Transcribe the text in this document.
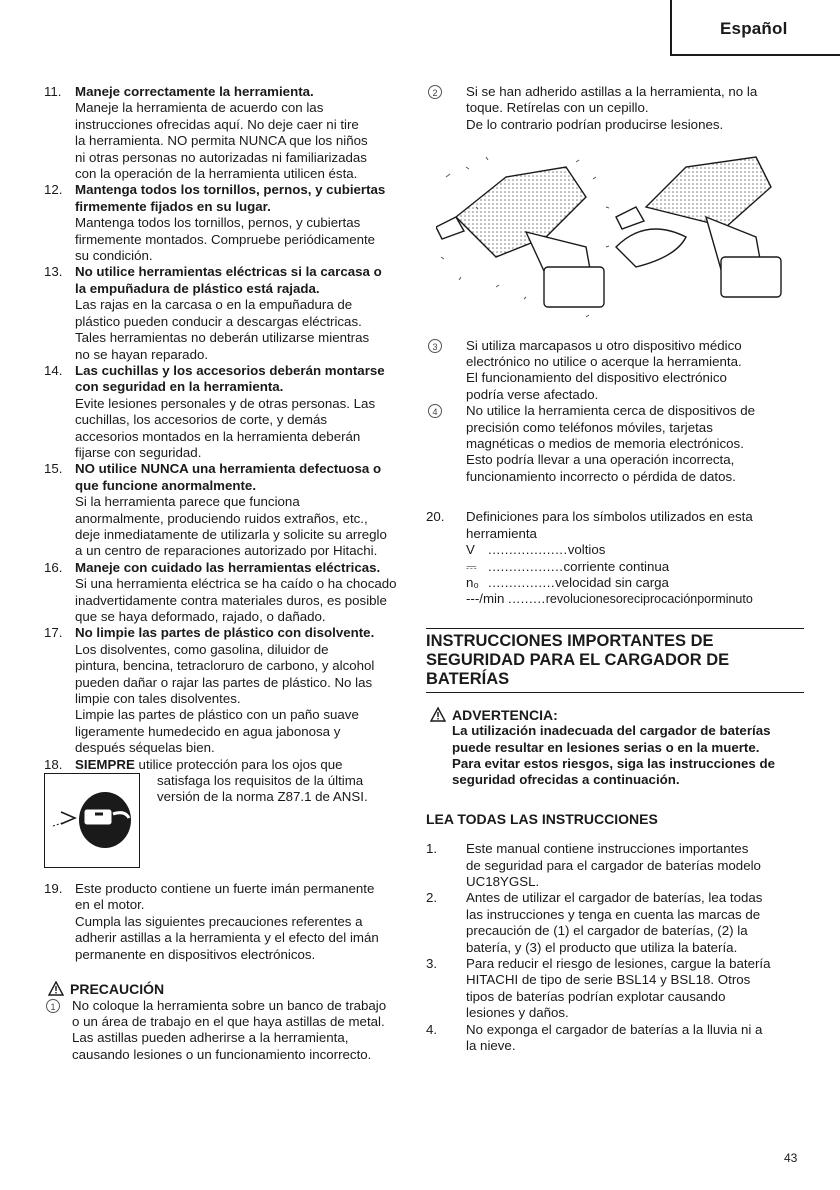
Español
11. Maneje correctamente la herramienta.

Maneje la herramienta de acuerdo con las

instrucciones ofrecidas aquí. No deje caer ni tire

la herramienta. NO permita NUNCA que los niños

ni otras personas no autorizadas ni familiarizadas

con la operación de la herramienta utilicen ésta.

12. Mantenga todos los tornillos, pernos, y cubiertas

firmemente fijados en su lugar.

Mantenga todos los tornillos, pernos, y cubiertas

firmemente montados. Compruebe periódicamente

su condición.

13. No utilice herramientas eléctricas si la carcasa o

la empuñadura de plástico está rajada.

Las rajas en la carcasa o en la empuñadura de

plástico pueden conducir a descargas eléctricas.

Tales herramientas no deberán utilizarse mientras

no se hayan reparado.

14. Las cuchillas y los accesorios deberán montarse

con seguridad en la herramienta.

Evite lesiones personales y de otras personas. Las

cuchillas, los accesorios de corte, y demás

accesorios montados en la herramienta deberán

fijarse con seguridad.

15. NO utilice NUNCA una herramienta defectuosa o

que funcione anormalmente.

Si la herramienta parece que funciona

anormalmente, produciendo ruidos extraños, etc.,

deje inmediatamente de utilizarla y solicite su arreglo

a un centro de reparaciones autorizado por Hitachi.

16. Maneje con cuidado las herramientas eléctricas.

Si una herramienta eléctrica se ha caído o ha chocado

inadvertidamente contra materiales duros, es posible

que se haya deformado, rajado, o dañado.

17. No limpie las partes de plástico con disolvente.

Los disolventes, como gasolina, diluidor de

pintura, bencina, tetracloruro de carbono, y alcohol

pueden dañar o rajar las partes de plástico. No las

limpie con tales disolventes.

Limpie las partes de plástico con un paño suave

ligeramente humedecido en agua jabonosa y

después séquelas bien.

18. SIEMPRE utilice protección para los ojos que

satisfaga los requisitos de la última

versión de la norma Z87.1 de ANSI.

19. Este producto contiene un fuerte imán permanente

en el motor.

Cumpla las siguientes precauciones referentes a

adherir astillas a la herramienta y el efecto del imán

permanente en dispositivos electrónicos.

PRECAUCIÓN
1	No coloque la herramienta sobre un banco de trabajo

o un área de trabajo en el que haya astillas de metal.

Las astillas pueden adherirse a la herramienta,

causando lesiones o un funcionamiento incorrecto.

2	Si se han adherido astillas a la herramienta, no la

toque. Retírelas con un cepillo.

De lo contrario podrían producirse lesiones.

3	Si utiliza marcapasos u otro dispositivo médico

electrónico no utilice o acerque la herramienta.

El funcionamiento del dispositivo electrónico

podría verse afectado.

4	No utilice la herramienta cerca de dispositivos de

precisión como teléfonos móviles, tarjetas

magnéticas o medios de memoria electrónicos.

Esto podría llevar a una operación incorrecta,

funcionamiento incorrecto o pérdida de datos.

20. Definiciones para los símbolos utilizados en esta

herramienta

V ................... voltios
⎓ .................. corriente continua
n₀ ................ velocidad sin carga
---/min ......... revolucionesoreciprocaciónporminuto

INSTRUCCIONES IMPORTANTES DE

SEGURIDAD PARA EL CARGADOR DE

BATERÍAS

ADVERTENCIA:

La utilización inadecuada del cargador de baterías

puede resultar en lesiones serias o en la muerte.

Para evitar estos riesgos, siga las instrucciones de

seguridad ofrecidas a continuación.

LEA TODAS LAS INSTRUCCIONES
1. Este manual contiene instrucciones importantes

de seguridad para el cargador de baterías modelo

UC18YGSL.

2. Antes de utilizar el cargador de baterías, lea todas

las instrucciones y tenga en cuenta las marcas de

precaución de (1) el cargador de baterías, (2) la

batería, y (3) el producto que utiliza la batería.

3. Para reducir el riesgo de lesiones, cargue la batería

HITACHI de tipo de serie BSL14 y BSL18. Otros

tipos de baterías podrían explotar causando

lesiones y daños.

4. No exponga el cargador de baterías a la lluvia ni a

la nieve.

43
